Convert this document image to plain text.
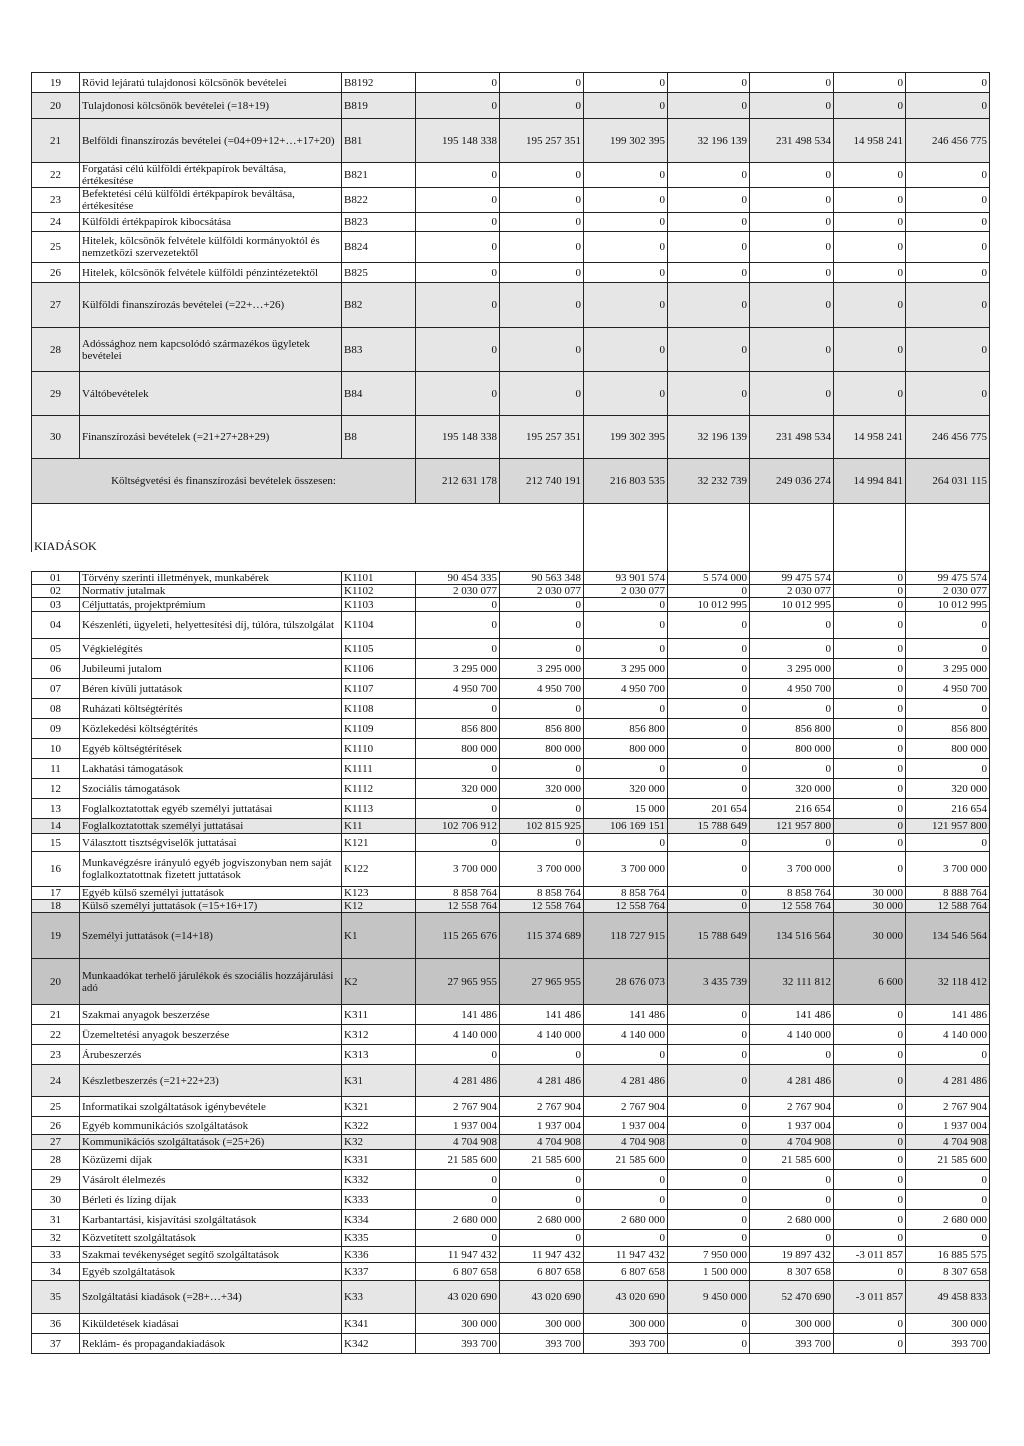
19	Rövid lejáratú tulajdonosi kölcsönök bevételei	B8192	0	0	0	0	0	0	0
20	Tulajdonosi kölcsönök bevételei (=18+19)	B819	0	0	0	0	0	0	0
21	Belföldi finanszírozás bevételei (=04+09+12+…+17+20)	B81	195 148 338	195 257 351	199 302 395	32 196 139	231 498 534	14 958 241	246 456 775
22	Forgatási célú külföldi értékpapírok beváltása, értékesítése	B821	0	0	0	0	0	0	0
23	Befektetési célú külföldi értékpapírok beváltása, értékesítése	B822	0	0	0	0	0	0	0
24	Külföldi értékpapírok kibocsátása	B823	0	0	0	0	0	0	0
25	Hitelek, kölcsönök felvétele külföldi kormányoktól és nemzetközi szervezetektől	B824	0	0	0	0	0	0	0
26	Hitelek, kölcsönök felvétele külföldi pénzintézetektől	B825	0	0	0	0	0	0	0
27	Külföldi finanszírozás bevételei (=22+…+26)	B82	0	0	0	0	0	0	0
28	Adóssághoz nem kapcsolódó származékos ügyletek bevételei	B83	0	0	0	0	0	0	0
29	Váltóbevételek	B84	0	0	0	0	0	0	0
30	Finanszírozási bevételek (=21+27+28+29)	B8	195 148 338	195 257 351	199 302 395	32 196 139	231 498 534	14 958 241	246 456 775
Költségvetési és finanszírozási bevételek összesen:			212 631 178	212 740 191	216 803 535	32 232 739	249 036 274	14 994 841	264 031 115
KIADÁSOK									

01	Törvény szerinti illetmények, munkabérek	K1101	90 454 335	90 563 348	93 901 574	5 574 000	99 475 574	0	99 475 574
02	Normatív jutalmak	K1102	2 030 077	2 030 077	2 030 077	0	2 030 077	0	2 030 077
03	Céljuttatás, projektprémium	K1103	0	0	0	10 012 995	10 012 995	0	10 012 995
04	Készenléti, ügyeleti, helyettesítési díj, túlóra, túlszolgálat	K1104	0	0	0	0	0	0	0
05	Végkielégítés	K1105	0	0	0	0	0	0	0
06	Jubileumi jutalom	K1106	3 295 000	3 295 000	3 295 000	0	3 295 000	0	3 295 000
07	Béren kívüli juttatások	K1107	4 950 700	4 950 700	4 950 700	0	4 950 700	0	4 950 700
08	Ruházati költségtérítés	K1108	0	0	0	0	0	0	0
09	Közlekedési költségtérítés	K1109	856 800	856 800	856 800	0	856 800	0	856 800
10	Egyéb költségtérítések	K1110	800 000	800 000	800 000	0	800 000	0	800 000
11	Lakhatási támogatások	K1111	0	0	0	0	0	0	0
12	Szociális támogatások	K1112	320 000	320 000	320 000	0	320 000	0	320 000
13	Foglalkoztatottak egyéb személyi juttatásai	K1113	0	0	15 000	201 654	216 654	0	216 654
14	Foglalkoztatottak személyi juttatásai	K11	102 706 912	102 815 925	106 169 151	15 788 649	121 957 800	0	121 957 800
15	Választott tisztségviselők juttatásai	K121	0	0	0	0	0	0	0
16	Munkavégzésre irányuló egyéb jogviszonyban nem saját foglalkoztatottnak fizetett juttatások	K122	3 700 000	3 700 000	3 700 000	0	3 700 000	0	3 700 000
17	Egyéb külső személyi juttatások	K123	8 858 764	8 858 764	8 858 764	0	8 858 764	30 000	8 888 764
18	Külső személyi juttatások (=15+16+17)	K12	12 558 764	12 558 764	12 558 764	0	12 558 764	30 000	12 588 764
19	Személyi juttatások (=14+18)	K1	115 265 676	115 374 689	118 727 915	15 788 649	134 516 564	30 000	134 546 564
20	Munkaadókat terhelő járulékok és szociális hozzájárulási adó	K2	27 965 955	27 965 955	28 676 073	3 435 739	32 111 812	6 600	32 118 412
21	Szakmai anyagok beszerzése	K311	141 486	141 486	141 486	0	141 486	0	141 486
22	Üzemeltetési anyagok beszerzése	K312	4 140 000	4 140 000	4 140 000	0	4 140 000	0	4 140 000
23	Árubeszerzés	K313	0	0	0	0	0	0	0
24	Készletbeszerzés (=21+22+23)	K31	4 281 486	4 281 486	4 281 486	0	4 281 486	0	4 281 486
25	Informatikai szolgáltatások igénybevétele	K321	2 767 904	2 767 904	2 767 904	0	2 767 904	0	2 767 904
26	Egyéb kommunikációs szolgáltatások	K322	1 937 004	1 937 004	1 937 004	0	1 937 004	0	1 937 004
27	Kommunikációs szolgáltatások (=25+26)	K32	4 704 908	4 704 908	4 704 908	0	4 704 908	0	4 704 908
28	Közüzemi díjak	K331	21 585 600	21 585 600	21 585 600	0	21 585 600	0	21 585 600
29	Vásárolt élelmezés	K332	0	0	0	0	0	0	0
30	Bérleti és lízing díjak	K333	0	0	0	0	0	0	0
31	Karbantartási, kisjavítási szolgáltatások	K334	2 680 000	2 680 000	2 680 000	0	2 680 000	0	2 680 000
32	Közvetített szolgáltatások	K335	0	0	0	0	0	0	0
33	Szakmai tevékenységet segítő szolgáltatások	K336	11 947 432	11 947 432	11 947 432	7 950 000	19 897 432	-3 011 857	16 885 575
34	Egyéb szolgáltatások	K337	6 807 658	6 807 658	6 807 658	1 500 000	8 307 658	0	8 307 658
35	Szolgáltatási kiadások (=28+…+34)	K33	43 020 690	43 020 690	43 020 690	9 450 000	52 470 690	-3 011 857	49 458 833
36	Kiküldetések kiadásai	K341	300 000	300 000	300 000	0	300 000	0	300 000
37	Reklám- és propagandakiadások	K342	393 700	393 700	393 700	0	393 700	0	393 700
